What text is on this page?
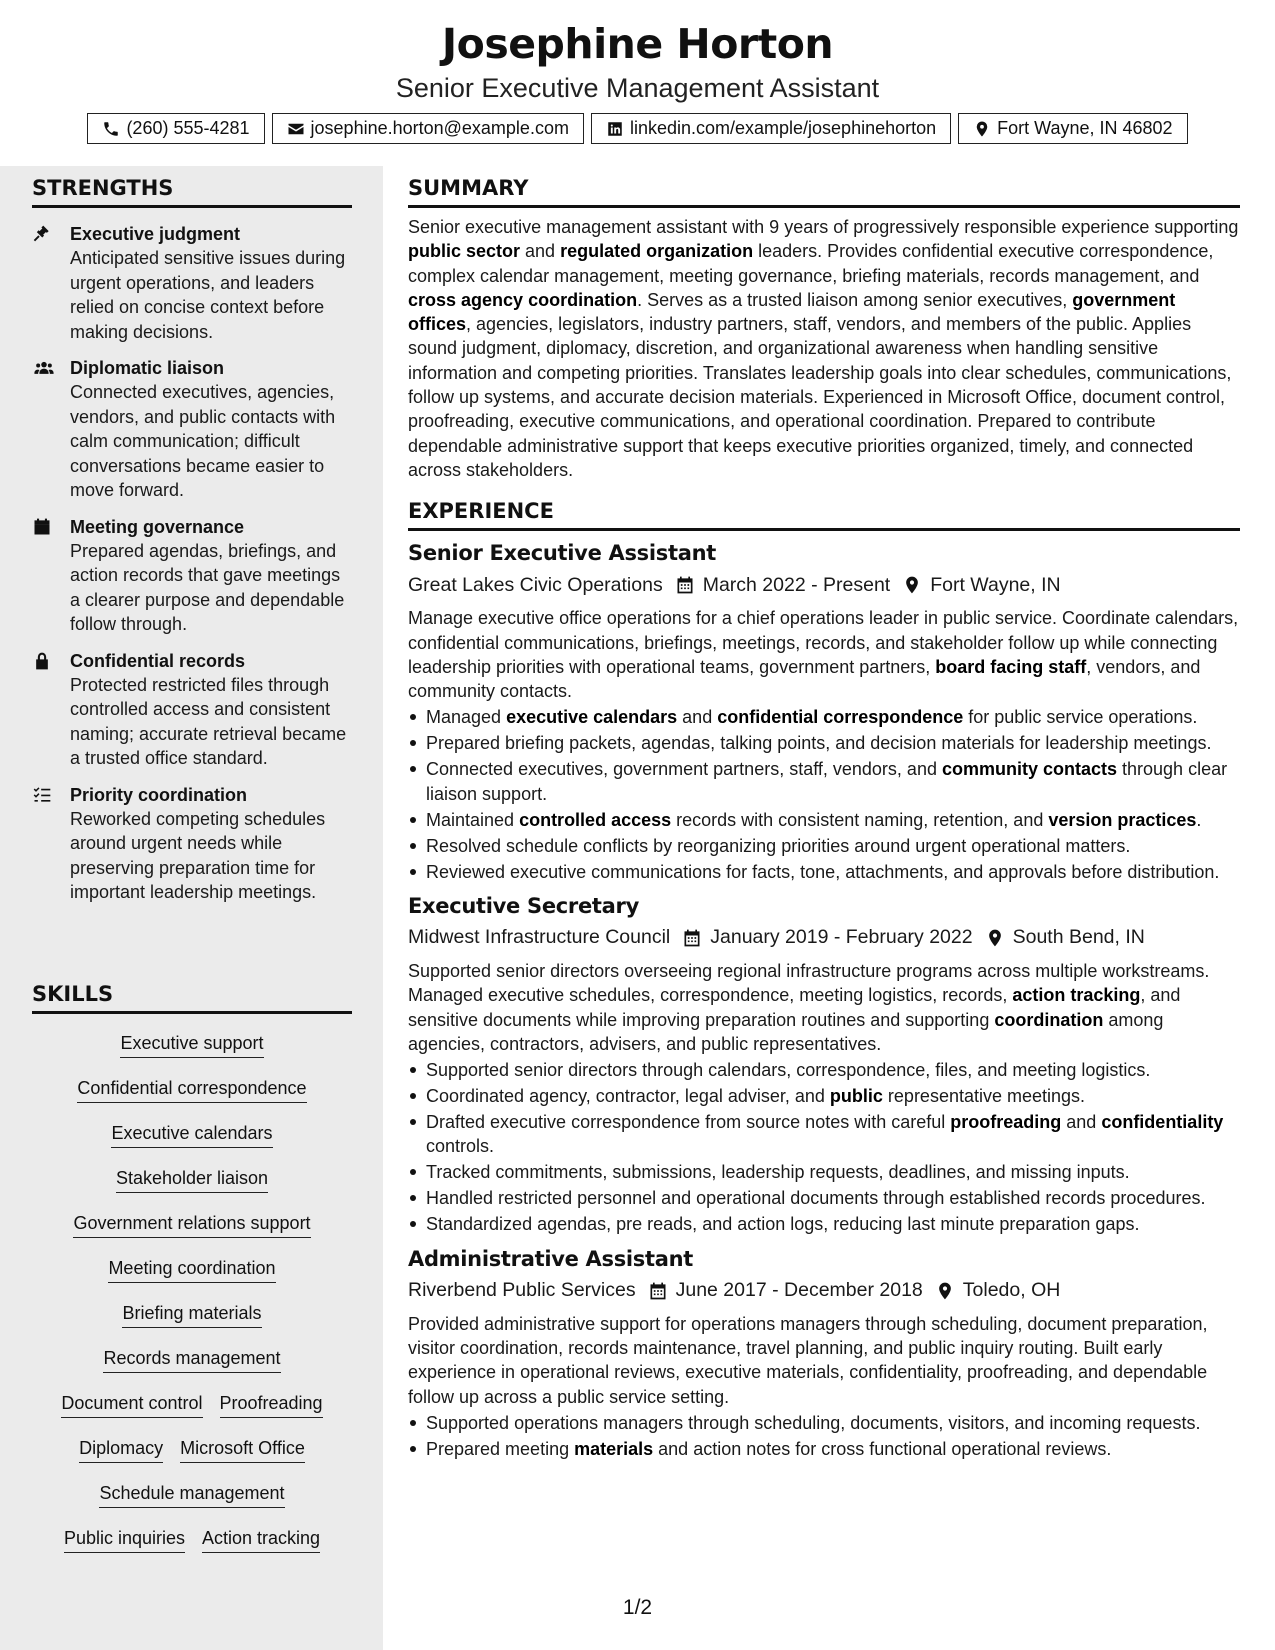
Josephine Horton
Senior Executive Management Assistant
(260) 555-4281	josephine.horton@example.com	linkedin.com/example/josephinehorton	Fort Wayne, IN 46802
STRENGTHS
Executive judgment
Anticipated sensitive issues during urgent operations, and leaders relied on concise context before making decisions.
Diplomatic liaison
Connected executives, agencies, vendors, and public contacts with calm communication; difficult conversations became easier to move forward.
Meeting governance
Prepared agendas, briefings, and action records that gave meetings a clearer purpose and dependable follow through.
Confidential records
Protected restricted files through controlled access and consistent naming; accurate retrieval became a trusted office standard.
Priority coordination
Reworked competing schedules around urgent needs while preserving preparation time for important leadership meetings.
SKILLS
Executive support
Confidential correspondence
Executive calendars
Stakeholder liaison
Government relations support
Meeting coordination
Briefing materials
Records management
Document control Proofreading
Diplomacy Microsoft Office
Schedule management
Public inquiries Action tracking
SUMMARY
Senior executive management assistant with 9 years of progressively responsible experience supporting public sector and regulated organization leaders. Provides confidential executive correspondence, complex calendar management, meeting governance, briefing materials, records management, and cross agency coordination. Serves as a trusted liaison among senior executives, government offices, agencies, legislators, industry partners, staff, vendors, and members of the public. Applies sound judgment, diplomacy, discretion, and organizational awareness when handling sensitive information and competing priorities. Translates leadership goals into clear schedules, communications, follow up systems, and accurate decision materials. Experienced in Microsoft Office, document control, proofreading, executive communications, and operational coordination. Prepared to contribute dependable administrative support that keeps executive priorities organized, timely, and connected across stakeholders.
EXPERIENCE
Senior Executive Assistant
Great Lakes Civic Operations March 2022 - Present Fort Wayne, IN
Manage executive office operations for a chief operations leader in public service. Coordinate calendars, confidential communications, briefings, meetings, records, and stakeholder follow up while connecting leadership priorities with operational teams, government partners, board facing staff, vendors, and community contacts.
Managed executive calendars and confidential correspondence for public service operations.
Prepared briefing packets, agendas, talking points, and decision materials for leadership meetings.
Connected executives, government partners, staff, vendors, and community contacts through clear liaison support.
Maintained controlled access records with consistent naming, retention, and version practices.
Resolved schedule conflicts by reorganizing priorities around urgent operational matters.
Reviewed executive communications for facts, tone, attachments, and approvals before distribution.
Executive Secretary
Midwest Infrastructure Council January 2019 - February 2022 South Bend, IN
Supported senior directors overseeing regional infrastructure programs across multiple workstreams. Managed executive schedules, correspondence, meeting logistics, records, action tracking, and sensitive documents while improving preparation routines and supporting coordination among agencies, contractors, advisers, and public representatives.
Supported senior directors through calendars, correspondence, files, and meeting logistics.
Coordinated agency, contractor, legal adviser, and public representative meetings.
Drafted executive correspondence from source notes with careful proofreading and confidentiality controls.
Tracked commitments, submissions, leadership requests, deadlines, and missing inputs.
Handled restricted personnel and operational documents through established records procedures.
Standardized agendas, pre reads, and action logs, reducing last minute preparation gaps.
Administrative Assistant
Riverbend Public Services June 2017 - December 2018 Toledo, OH
Provided administrative support for operations managers through scheduling, document preparation, visitor coordination, records maintenance, travel planning, and public inquiry routing. Built early experience in operational reviews, executive materials, confidentiality, proofreading, and dependable follow up across a public service setting.
Supported operations managers through scheduling, documents, visitors, and incoming requests.
Prepared meeting materials and action notes for cross functional operational reviews.
1/2
